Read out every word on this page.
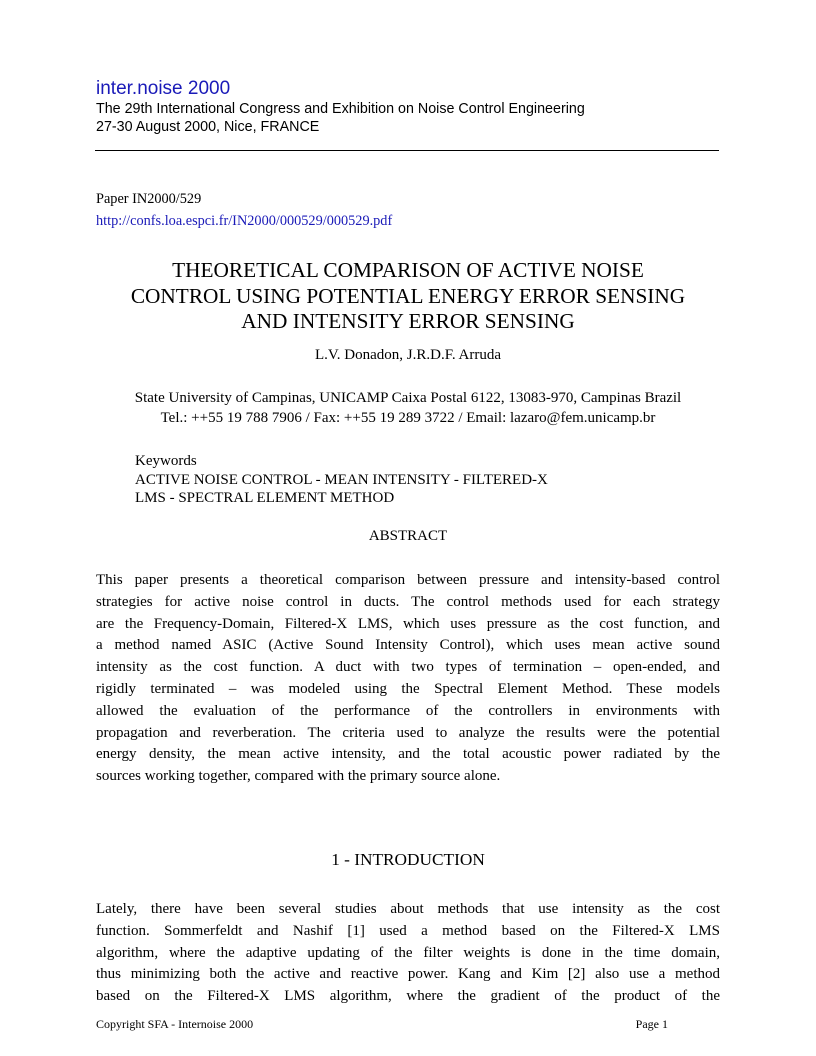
inter.noise 2000
The 29th International Congress and Exhibition on Noise Control Engineering
27-30 August 2000, Nice, FRANCE
Paper IN2000/529
http://confs.loa.espci.fr/IN2000/000529/000529.pdf
THEORETICAL COMPARISON OF ACTIVE NOISE
CONTROL USING POTENTIAL ENERGY ERROR SENSING
AND INTENSITY ERROR SENSING
L.V. Donadon, J.R.D.F. Arruda
State University of Campinas, UNICAMP Caixa Postal 6122, 13083-970, Campinas Brazil
Tel.: ++55 19 788 7906 / Fax: ++55 19 289 3722 / Email: lazaro@fem.unicamp.br
Keywords
ACTIVE NOISE CONTROL - MEAN INTENSITY - FILTERED-X
LMS - SPECTRAL ELEMENT METHOD
ABSTRACT
This paper presents a theoretical comparison between pressure and intensity-based control
strategies for active noise control in ducts. The control methods used for each strategy
are the Frequency-Domain, Filtered-X LMS, which uses pressure as the cost function, and
a method named ASIC (Active Sound Intensity Control), which uses mean active sound
intensity as the cost function. A duct with two types of termination – open-ended, and
rigidly terminated – was modeled using the Spectral Element Method. These models
allowed the evaluation of the performance of the controllers in environments with
propagation and reverberation. The criteria used to analyze the results were the potential
energy density, the mean active intensity, and the total acoustic power radiated by the
sources working together, compared with the primary source alone.
1 - INTRODUCTION
Lately, there have been several studies about methods that use intensity as the cost
function. Sommerfeldt and Nashif [1] used a method based on the Filtered-X LMS
algorithm, where the adaptive updating of the filter weights is done in the time domain,
thus minimizing both the active and reactive power. Kang and Kim [2] also use a method
based on the Filtered-X LMS algorithm, where the gradient of the product of the
Copyright SFA - Internoise 2000	Page 1
